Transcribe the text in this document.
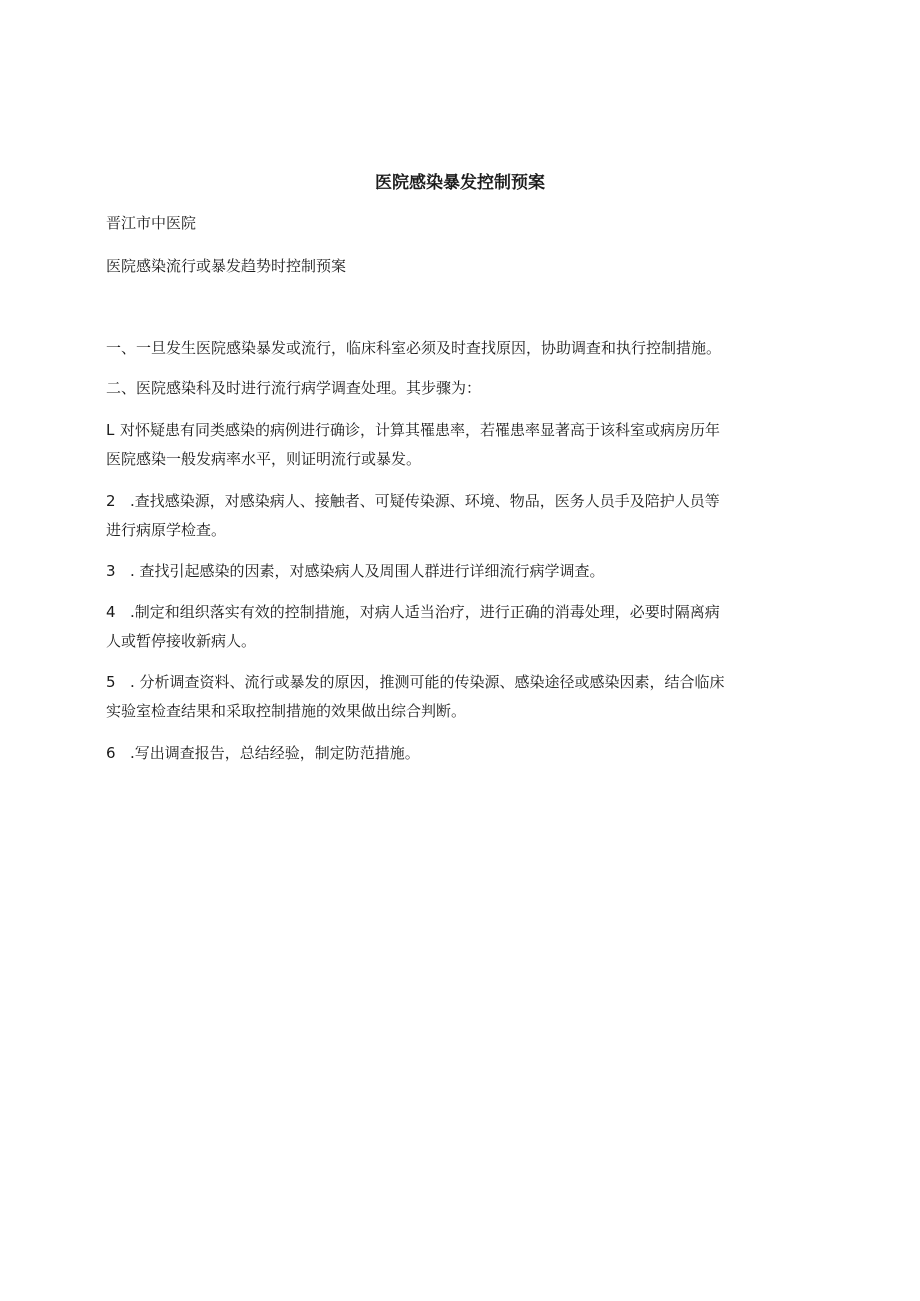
医院感染暴发控制预案
晋江市中医院
医院感染流行或暴发趋势时控制预案
一、一旦发生医院感染暴发或流行，临床科室必须及时查找原因，协助调查和执行控制措施。
二、医院感染科及时进行流行病学调查处理。其步骤为：
L 对怀疑患有同类感染的病例进行确诊，计算其罹患率，若罹患率显著高于该科室或病房历年
医院感染一般发病率水平，则证明流行或暴发。
2 .查找感染源，对感染病人、接触者、可疑传染源、环境、物品，医务人员手及陪护人员等
进行病原学检查。
3 . 查找引起感染的因素，对感染病人及周围人群进行详细流行病学调查。
4 .制定和组织落实有效的控制措施，对病人适当治疗，进行正确的消毒处理，必要时隔离病
人或暂停接收新病人。
5 . 分析调查资料、流行或暴发的原因，推测可能的传染源、感染途径或感染因素，结合临床
实验室检查结果和采取控制措施的效果做出综合判断。
6 .写出调查报告，总结经验，制定防范措施。
